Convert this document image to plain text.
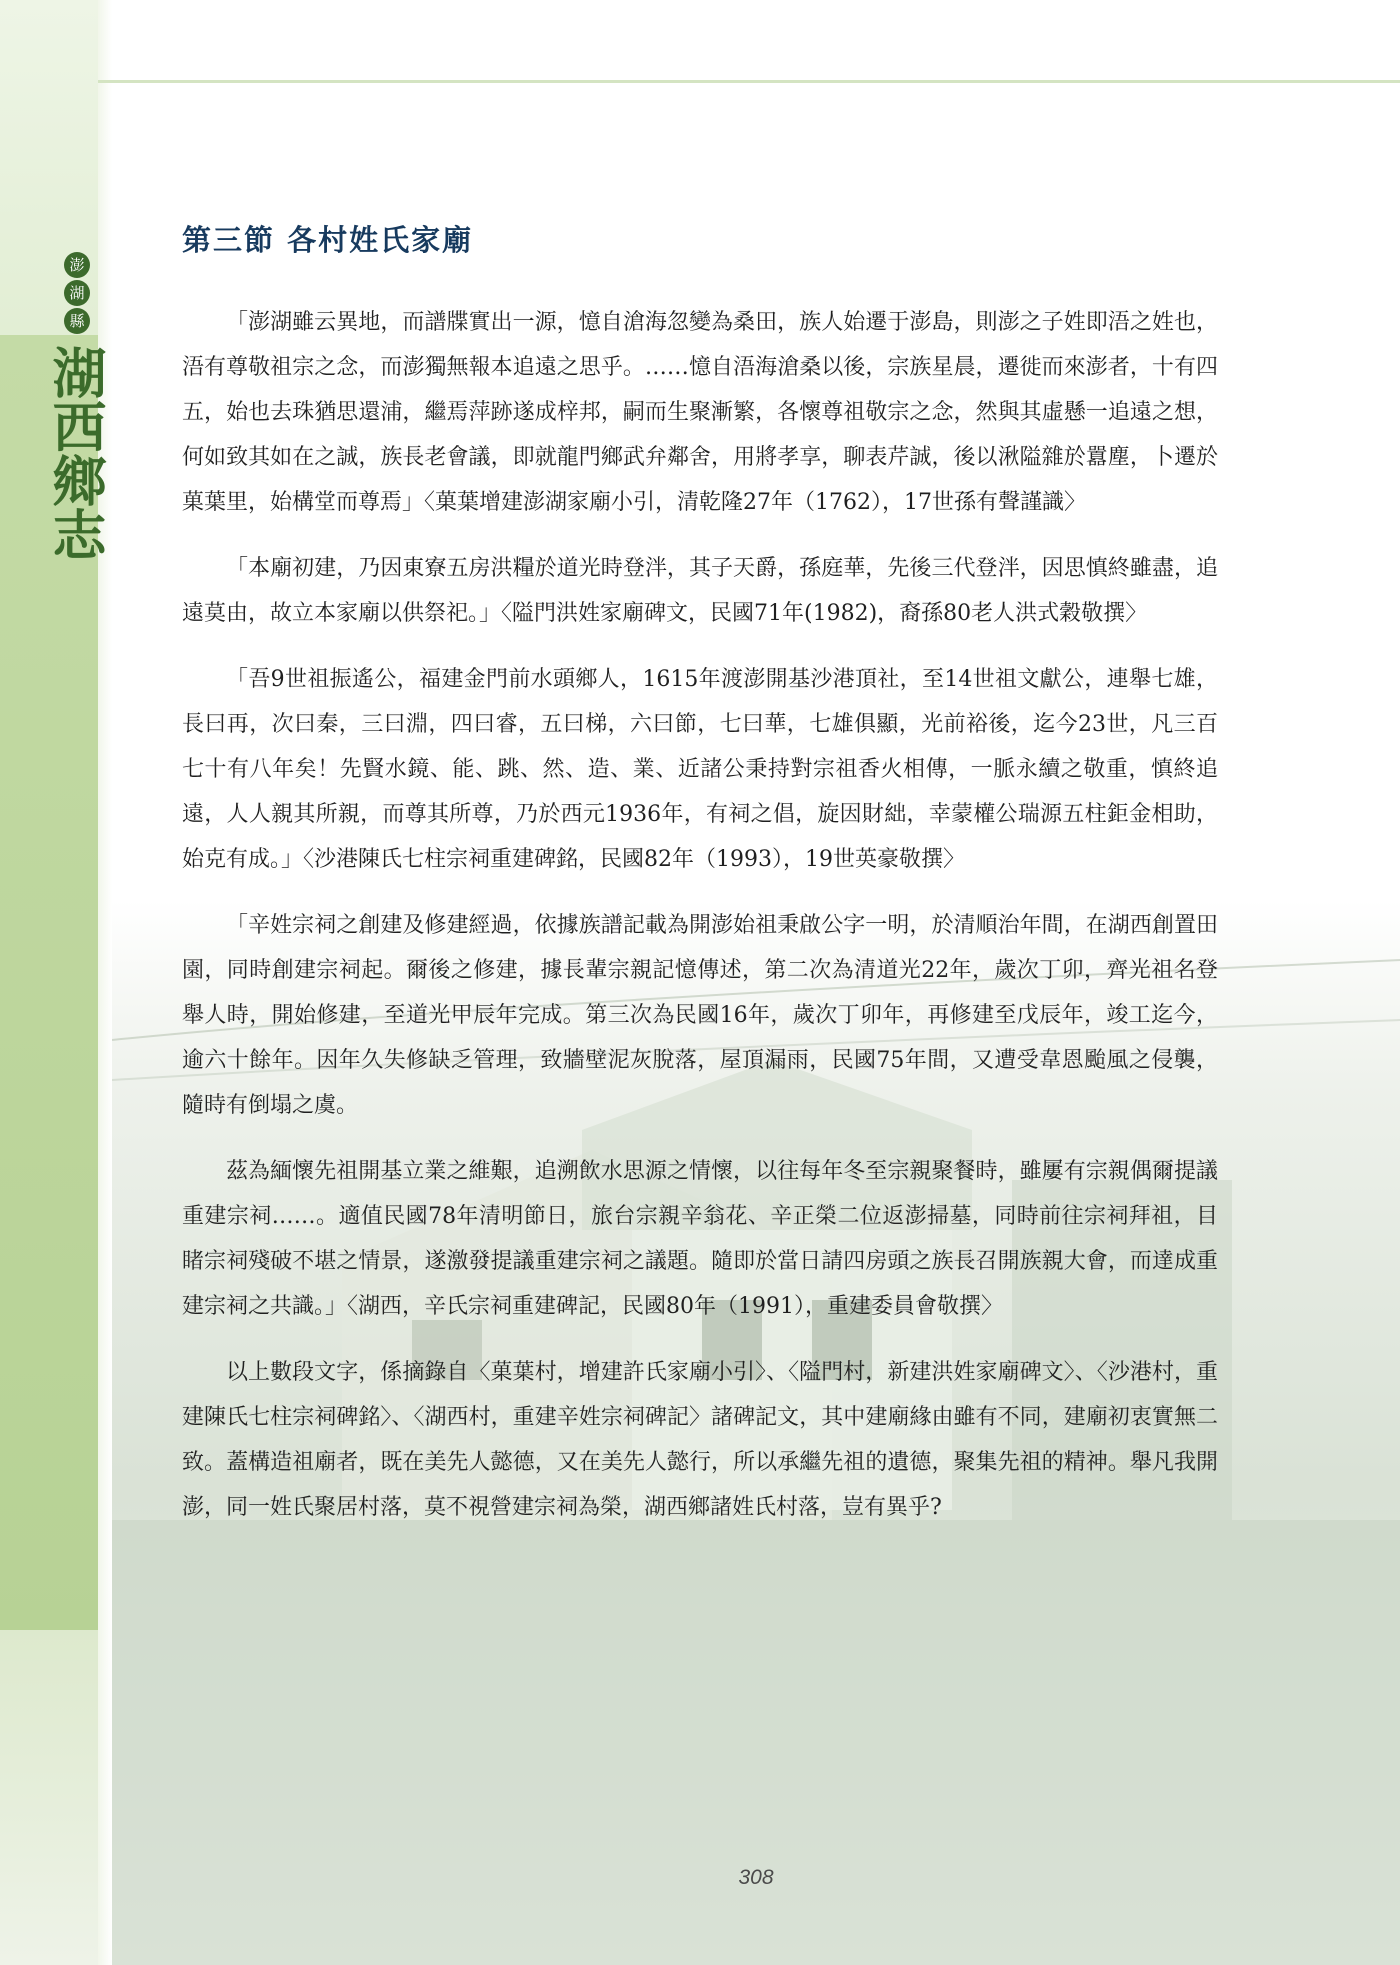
澎
湖
縣
湖西鄉志
第三節 各村姓氏家廟

「澎湖雖云異地，而譜牒實出一源，憶自滄海忽變為桑田，族人始遷于澎島，則澎之子姓即浯之姓也，浯有尊敬祖宗之念，而澎獨無報本追遠之思乎。……憶自浯海滄桑以後，宗族星晨，遷徙而來澎者，十有四五，始也去珠猶思還浦，繼焉萍跡遂成梓邦，嗣而生聚漸繁，各懷尊祖敬宗之念，然與其虛懸一追遠之想，何如致其如在之誠，族長老會議，即就龍門鄉武弁鄰舍，用將孝享，聊表芹誠，後以湫隘雜於囂塵，卜遷於菓葉里，始構堂而尊焉」〈菓葉增建澎湖家廟小引，清乾隆27年（1762），17世孫有聲謹識〉

「本廟初建，乃因東寮五房洪糧於道光時登泮，其子天爵，孫庭華，先後三代登泮，因思慎終雖盡，追遠莫由，故立本家廟以供祭祀。」〈隘門洪姓家廟碑文，民國71年(1982)，裔孫80老人洪式穀敬撰〉

「吾9世祖振遙公，福建金門前水頭鄉人，1615年渡澎開基沙港頂社，至14世祖文獻公，連舉七雄，長曰再，次曰秦，三曰淵，四曰睿，五曰梯，六曰節，七曰華，七雄俱顯，光前裕後，迄今23世，凡三百七十有八年矣！先賢水鏡、能、跳、然、造、業、近諸公秉持對宗祖香火相傳，一脈永續之敬重，慎終追遠，人人親其所親，而尊其所尊，乃於西元1936年，有祠之倡，旋因財絀，幸蒙權公瑞源五柱鉅金相助，始克有成。」〈沙港陳氏七柱宗祠重建碑銘，民國82年（1993），19世英豪敬撰〉

「辛姓宗祠之創建及修建經過，依據族譜記載為開澎始祖秉啟公字一明，於清順治年間，在湖西創置田園，同時創建宗祠起。爾後之修建，據長輩宗親記憶傳述，第二次為清道光22年，歲次丁卯，齊光祖名登舉人時，開始修建，至道光甲辰年完成。第三次為民國16年，歲次丁卯年，再修建至戊辰年，竣工迄今，逾六十餘年。因年久失修缺乏管理，致牆壁泥灰脫落，屋頂漏雨，民國75年間，又遭受韋恩颱風之侵襲，隨時有倒塌之虞。

茲為緬懷先祖開基立業之維艱，追溯飲水思源之情懷，以往每年冬至宗親聚餐時，雖屢有宗親偶爾提議重建宗祠……。適值民國78年清明節日，旅台宗親辛翁花、辛正榮二位返澎掃墓，同時前往宗祠拜祖，目睹宗祠殘破不堪之情景，遂激發提議重建宗祠之議題。隨即於當日請四房頭之族長召開族親大會，而達成重建宗祠之共識。」〈湖西，辛氏宗祠重建碑記，民國80年（1991），重建委員會敬撰〉

以上數段文字，係摘錄自〈菓葉村，增建許氏家廟小引〉、〈隘門村，新建洪姓家廟碑文〉、〈沙港村，重建陳氏七柱宗祠碑銘〉、〈湖西村，重建辛姓宗祠碑記〉諸碑記文，其中建廟緣由雖有不同，建廟初衷實無二致。蓋構造祖廟者，既在美先人懿德，又在美先人懿行，所以承繼先祖的遺德，聚集先祖的精神。舉凡我開澎，同一姓氏聚居村落，莫不視營建宗祠為榮，湖西鄉諸姓氏村落，豈有異乎?

308
